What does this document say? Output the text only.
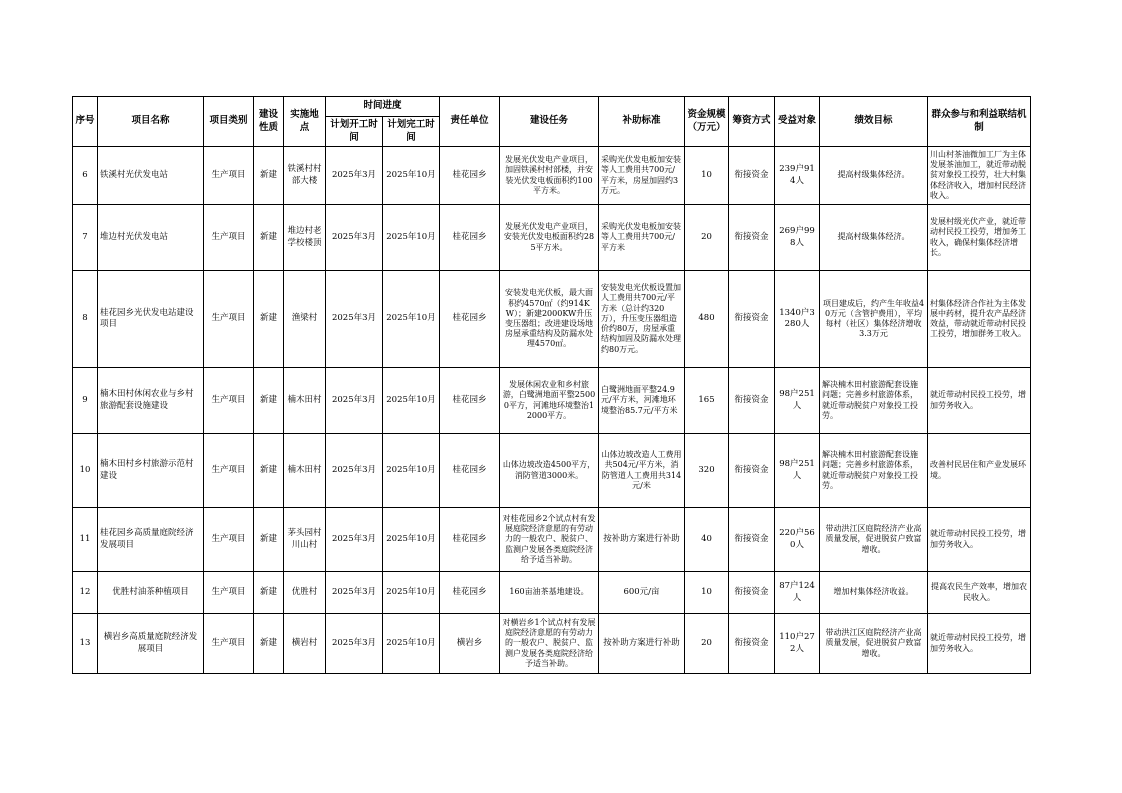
序号	项目名称	项目类别	建设性质	实施地点	时间进度		责任单位	建设任务	补助标准	资金规模（万元）	筹资方式	受益对象	绩效目标	群众参与和利益联结机制
					计划开工时间	计划完工时间								
6	铁溪村光伏发电站	生产项目	新建	铁溪村村部大楼	2025年3月	2025年10月	桂花园乡	发展光伏发电产业项目，加固铁溪村村部楼，并安装光伏发电板面积约100平方米。	采购光伏发电板加安装等人工费用共700元/平方米，房屋加固约3万元。	10	衔接资金	239户914人	提高村级集体经济。	川山村茶油微加工厂为主体发展茶油加工，就近带动脱贫对象投工投劳，壮大村集体经济收入，增加村民经济收入。
7	堆边村光伏发电站	生产项目	新建	堆边村老学校楼顶	2025年3月	2025年10月	桂花园乡	发展光伏发电产业项目，安装光伏发电板面积约285平方米。	采购光伏发电板加安装等人工费用共700元/平方米	20	衔接资金	269户998人	提高村级集体经济。	发展村级光伏产业，就近带动村民投工投劳，增加务工收入，确保村集体经济增长。
8	桂花园乡光伏发电站建设项目	生产项目	新建	渔梁村	2025年3月	2025年10月	桂花园乡	安装发电光伏板，最大面积约4570㎡（约914KW）；新建2000KW升压变压器组；改进建设场地房屋承重结构及防漏水处理4570㎡。	安装发电光伏板设置加人工费用共700元/平方米（总计约320万），升压变压器组造价约80万，房屋承重结构加固及防漏水处理约80万元。	480	衔接资金	1340户3280人	项目建成后，约产生年收益40万元（含管护费用），平均每村（社区）集体经济增收3.3万元	村集体经济合作社为主体发展中药材，提升农产品经济效益，带动就近带动村民投工投劳，增加群务工收入。
9	楠木田村休闲农业与乡村旅游配套设施建设	生产项目	新建	楠木田村	2025年3月	2025年10月	桂花园乡	发展休闲农业和乡村旅游，白鹭洲地面平整25000平方，河滩地环境整治12000平方。	白鹭洲地面平整24.9元/平方米，河滩地环境整治85.7元/平方米	165	衔接资金	98户251人	解决楠木田村旅游配套设施问题；完善乡村旅游体系，就近带动脱贫户对象投工投劳。	就近带动村民投工投劳，增加劳务收入。
10	楠木田村乡村旅游示范村建设	生产项目	新建	楠木田村	2025年3月	2025年10月	桂花园乡	山体边坡改造4500平方，消防管道3000米。	山体边坡改造人工费用共504元/平方米，消防管道人工费用共314元/米	320	衔接资金	98户251人	解决楠木田村旅游配套设施问题；完善乡村旅游体系，就近带动脱贫户对象投工投劳。	改善村民居住和产业发展环境。
11	桂花园乡高质量庭院经济发展项目	生产项目	新建	茅头园村川山村	2025年3月	2025年10月	桂花园乡	对桂花园乡2个试点村有发展庭院经济意愿的有劳动力的一般农户、脱贫户、监测户发展各类庭院经济给予适当补助。	按补助方案进行补助	40	衔接资金	220户560人	带动洪江区庭院经济产业高质量发展，促进脱贫户致富增收。	就近带动村民投工投劳，增加劳务收入。
12	优胜村油茶种植项目	生产项目	新建	优胜村	2025年3月	2025年10月	桂花园乡	160亩油茶基地建设。	600元/亩	10	衔接资金	87户124人	增加村集体经济收益。	提高农民生产效率，增加农民收入。
13	横岩乡高质量庭院经济发展项目	生产项目	新建	横岩村	2025年3月	2025年10月	横岩乡	对横岩乡1个试点村有发展庭院经济意愿的有劳动力的一般农户、脱贫户、监测户发展各类庭院经济给予适当补助。	按补助方案进行补助	20	衔接资金	110户272人	带动洪江区庭院经济产业高质量发展，促进脱贫户致富增收。	就近带动村民投工投劳，增加劳务收入。
